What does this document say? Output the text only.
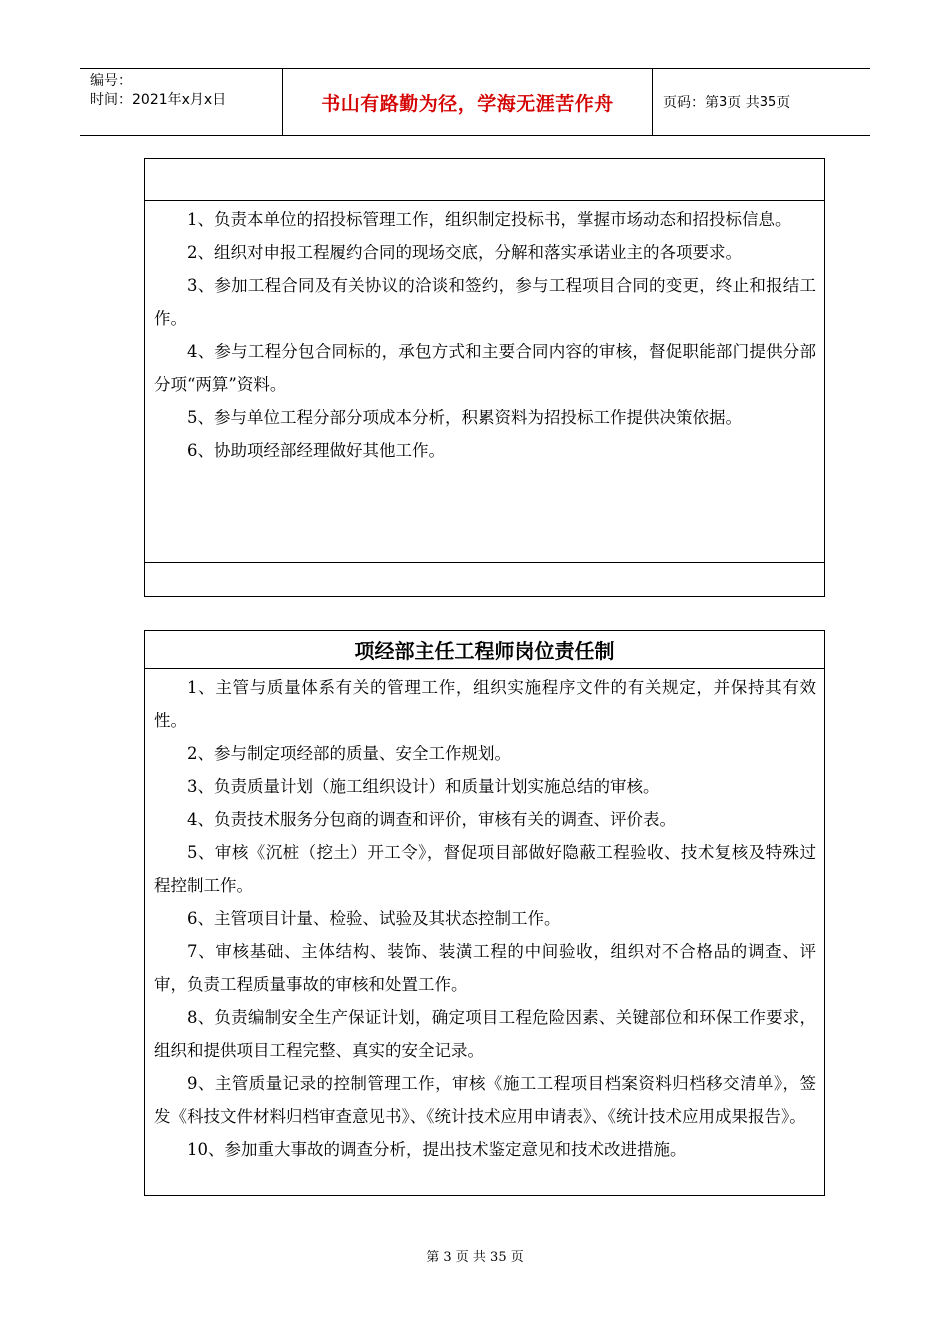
编号：
时间：2021年x月x日	书山有路勤为径，学海无涯苦作舟	页码：第 3 页 共 35 页

1、负责本单位的招投标管理工作，组织制定投标书，掌握市场动态和招投标信息。

2、组织对申报工程履约合同的现场交底，分解和落实承诺业主的各项要求。

3、参加工程合同及有关协议的洽谈和签约，参与工程项目合同的变更，终止和报结工作。

4、参与工程分包合同标的，承包方式和主要合同内容的审核，督促职能部门提供分部分项“两算”资料。

5、参与单位工程分部分项成本分析，积累资料为招投标工作提供决策依据。

6、协助项经部经理做好其他工作。

项经部主任工程师岗位责任制

1、主管与质量体系有关的管理工作，组织实施程序文件的有关规定，并保持其有效性。

2、参与制定项经部的质量、安全工作规划。

3、负责质量计划（施工组织设计）和质量计划实施总结的审核。

4、负责技术服务分包商的调查和评价，审核有关的调查、评价表。

5、审核《沉桩（挖土）开工令》，督促项目部做好隐蔽工程验收、技术复核及特殊过程控制工作。

6、主管项目计量、检验、试验及其状态控制工作。

7、审核基础、主体结构、装饰、装潢工程的中间验收，组织对不合格品的调查、评审，负责工程质量事故的审核和处置工作。

8、负责编制安全生产保证计划，确定项目工程危险因素、关键部位和环保工作要求，组织和提供项目工程完整、真实的安全记录。

9、主管质量记录的控制管理工作，审核《施工工程项目档案资料归档移交清单》，签发《科技文件材料归档审查意见书》、《统计技术应用申请表》、《统计技术应用成果报告》。

10、参加重大事故的调查分析，提出技术鉴定意见和技术改进措施。

第 3 页 共 35 页
